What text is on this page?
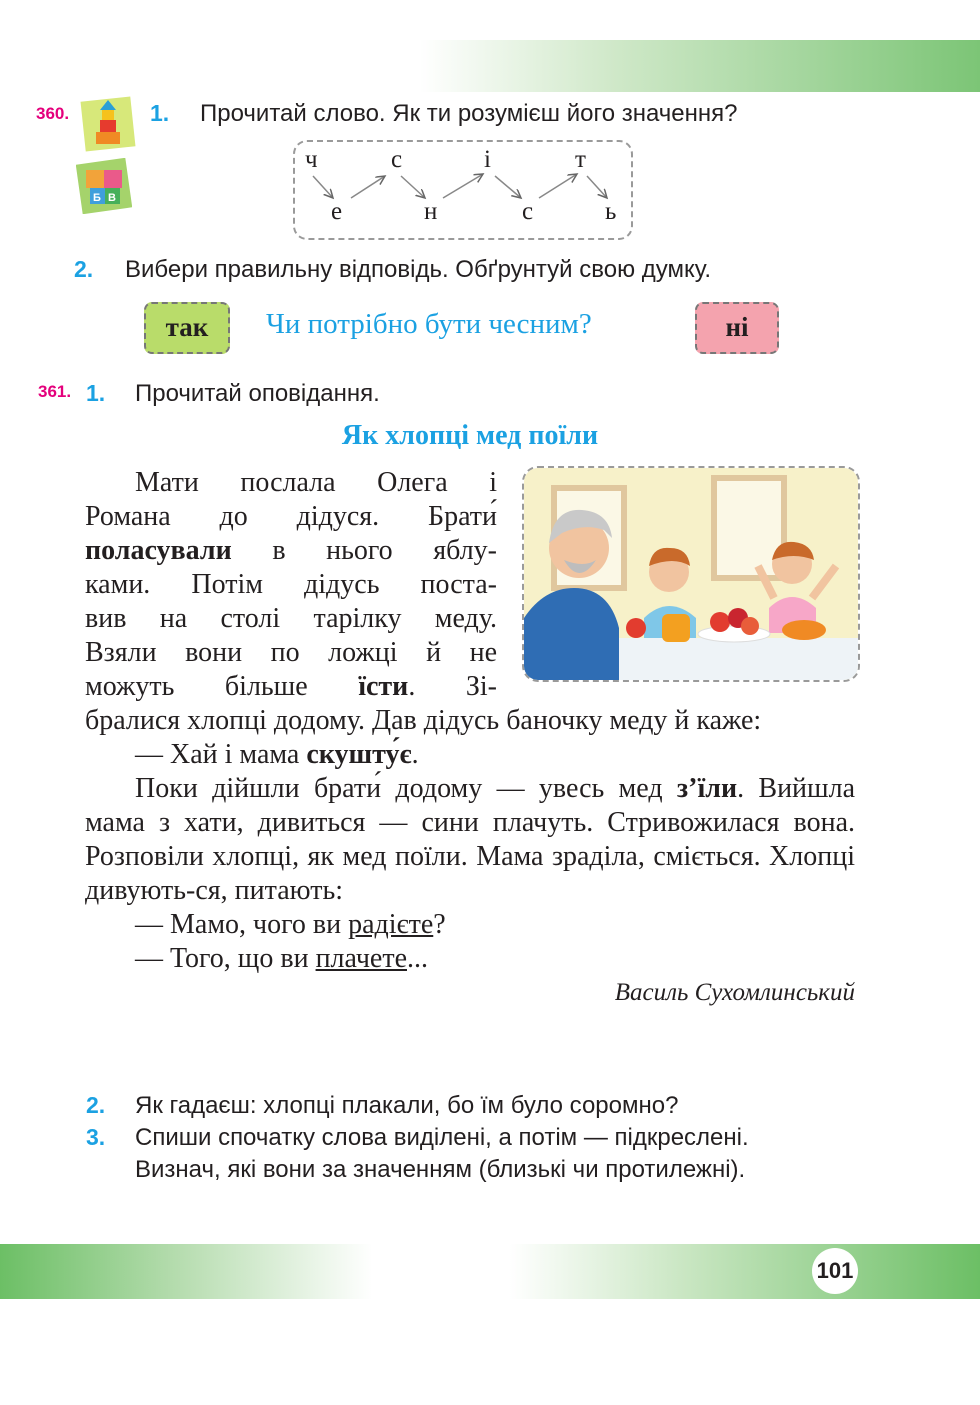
101
360.
Б В
1. Прочитай слово. Як ти розумієш його значення?
ч	с	і	т
е	н	с	ь
2. Вибери правильну відповідь. Обґрунтуй свою думку.
так	Чи потрібно бути чесним?	ні
361. 1. Прочитай оповідання.
Як хлопці мед поїли
Мати послала Олега і
Романа до дідуся. Брати́
поласували в нього яблу-
ками. Потім дідусь поста-
вив на столі тарілку меду.
Взяли вони по ложці й не
можуть більше їсти. Зі-

бралися хлопці додому. Дав дідусь баночку меду й каже:

— Хай і мама скушту́є.

Поки дійшли брати́ додому — увесь мед з’їли. Вийшла мама з хати, дивиться — сини плачуть. Стривожилася вона. Розповіли хлопці, як мед поїли. Мама зраділа, сміється. Хлопці дивують-ся, питають:

— Мамо, чого ви радієте?

— Того, що ви плачете...

Василь Сухомлинський

2. Як гадаєш: хлопці плакали, бо їм було соромно?
3. Спиши спочатку слова виділені, а потім — підкреслені.
Визнач, які вони за значенням (близькі чи протилежні).
